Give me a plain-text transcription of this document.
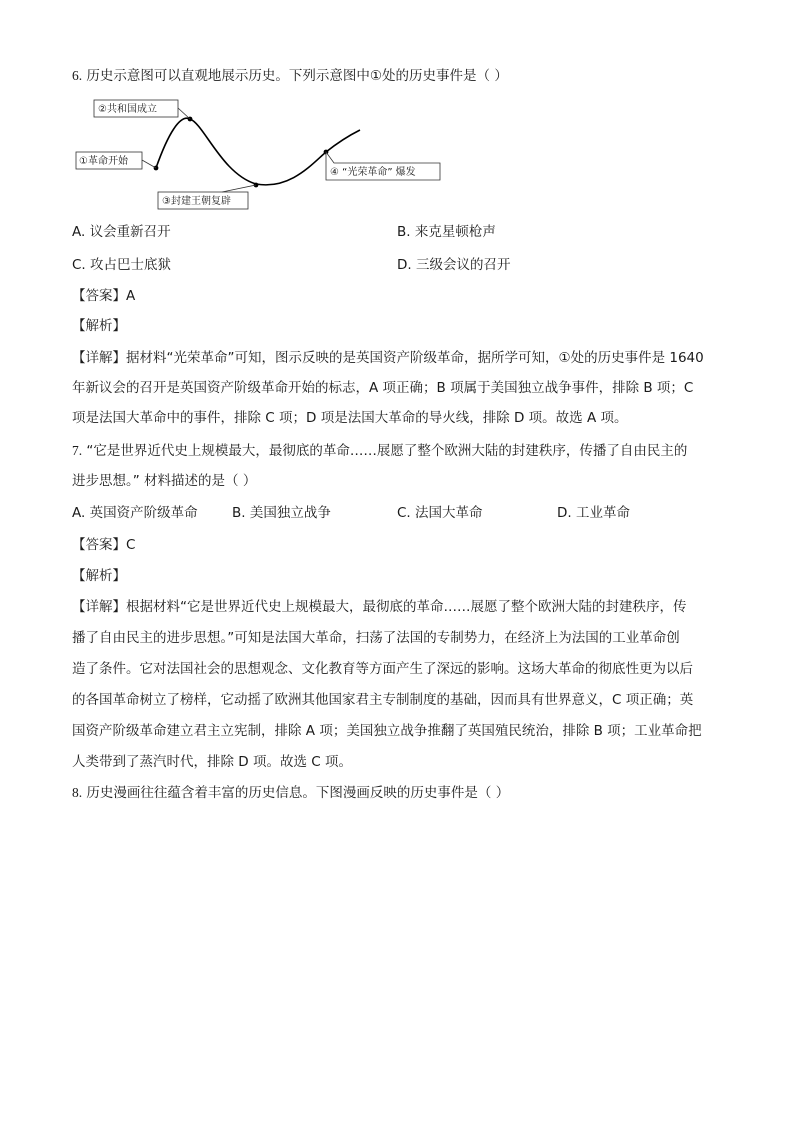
6. 历史示意图可以直观地展示历史。下列示意图中①处的历史事件是（ ）
②共和国成立
①革命开始
③封建王朝复辟
④ “光荣革命” 爆发
A. 议会重新召开	B. 来克星顿枪声
C. 攻占巴士底狱	D. 三级会议的召开
【答案】A
【解析】
【详解】据材料“光荣革命”可知，图示反映的是英国资产阶级革命，据所学可知，①处的历史事件是 1640
年新议会的召开是英国资产阶级革命开始的标志，A 项正确；B 项属于美国独立战争事件，排除 B 项；C
项是法国大革命中的事件，排除 C 项；D 项是法国大革命的导火线，排除 D 项。故选 A 项。
7. “它是世界近代史上规模最大，最彻底的革命……展愿了整个欧洲大陆的封建秩序，传播了自由民主的
进步思想。” 材料描述的是（ ）
A. 英国资产阶级革命	B. 美国独立战争	C. 法国大革命	D. 工业革命
【答案】C
【解析】
【详解】根据材料“它是世界近代史上规模最大，最彻底的革命……展愿了整个欧洲大陆的封建秩序，传
播了自由民主的进步思想。”可知是法国大革命，扫荡了法国的专制势力，在经济上为法国的工业革命创
造了条件。它对法国社会的思想观念、文化教育等方面产生了深远的影响。这场大革命的彻底性更为以后
的各国革命树立了榜样，它动摇了欧洲其他国家君主专制制度的基础，因而具有世界意义，C 项正确；英
国资产阶级革命建立君主立宪制，排除 A 项；美国独立战争推翻了英国殖民统治，排除 B 项；工业革命把
人类带到了蒸汽时代，排除 D 项。故选 C 项。
8. 历史漫画往往蕴含着丰富的历史信息。下图漫画反映的历史事件是（ ）
